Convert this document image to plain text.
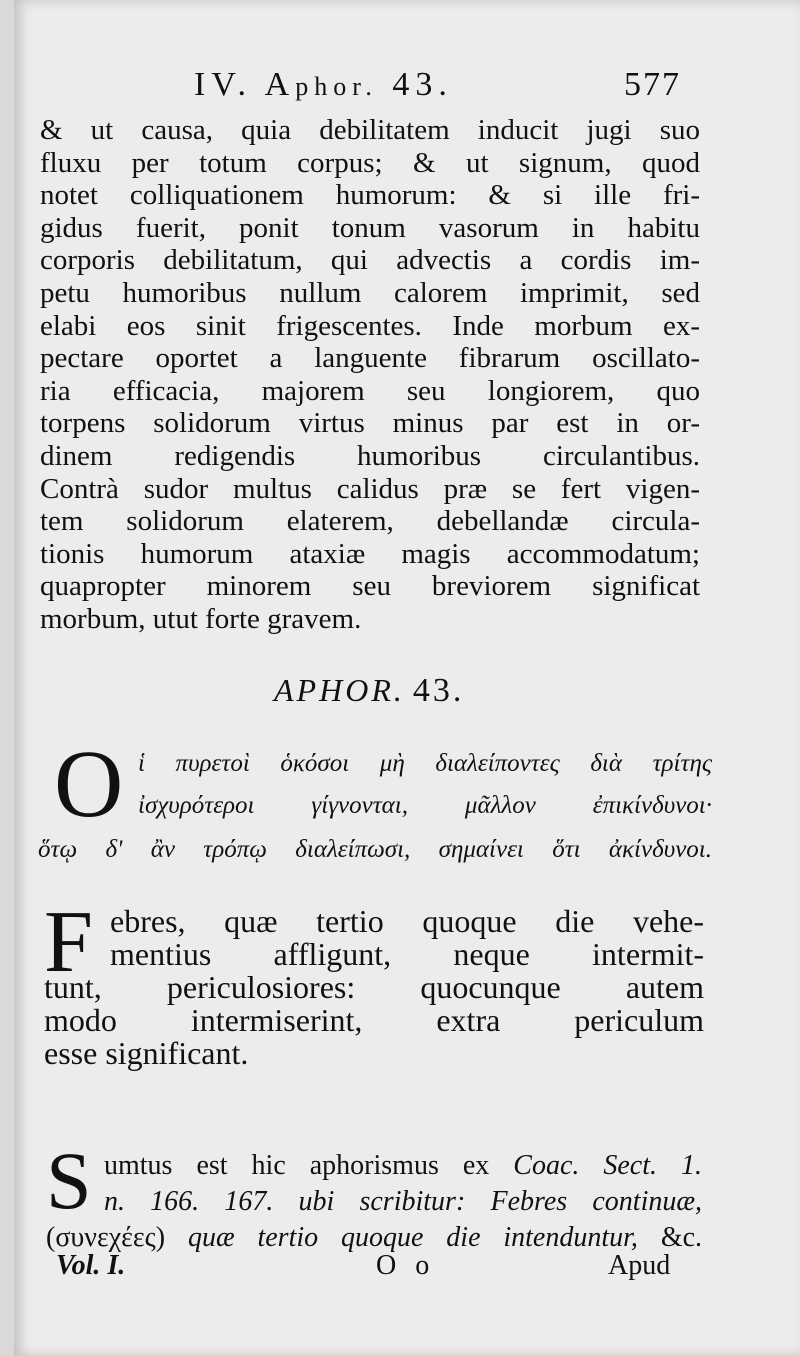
IV. Aphor. 43.	577
& ut causa, quia debilitatem inducit jugi suo
fluxu per totum corpus; & ut signum, quod
notet colliquationem humorum: & si ille fri-
gidus fuerit, ponit tonum vasorum in habitu
corporis debilitatum, qui advectis a cordis im-
petu humoribus nullum calorem imprimit, sed
elabi eos sinit frigescentes. Inde morbum ex-
pectare oportet a languente fibrarum oscillato-
ria efficacia, majorem seu longiorem, quo
torpens solidorum virtus minus par est in or-
dinem redigendis humoribus circulantibus.
Contrà sudor multus calidus præ se fert vigen-
tem solidorum elaterem, debellandæ circula-
tionis humorum ataxiæ magis accommodatum;
quapropter minorem seu breviorem significat
morbum, utut forte gravem.
APHOR. 43.
O ἱ πυρετοὶ ὁκόσοι μὴ διαλείποντες διὰ τρίτης
ἰσχυρότεροι γίγνονται, μᾶλλον ἐπικίνδυνοι·
ὅτῳ δ' ἂν τρόπῳ διαλείπωσι, σημαίνει ὅτι ἀκίνδυνοι.
F ebres, quæ tertio quoque die vehe-
mentius affligunt, neque intermit-
tunt, periculosiores: quocunque autem
modo intermiserint, extra periculum
esse significant.
S umtus est hic aphorismus ex Coac. Sect. 1.
n. 166. 167. ubi scribitur: Febres continuæ,
(συνεχέες) quæ tertio quoque die intenduntur, &c.
Vol. I.	O o	Apud
